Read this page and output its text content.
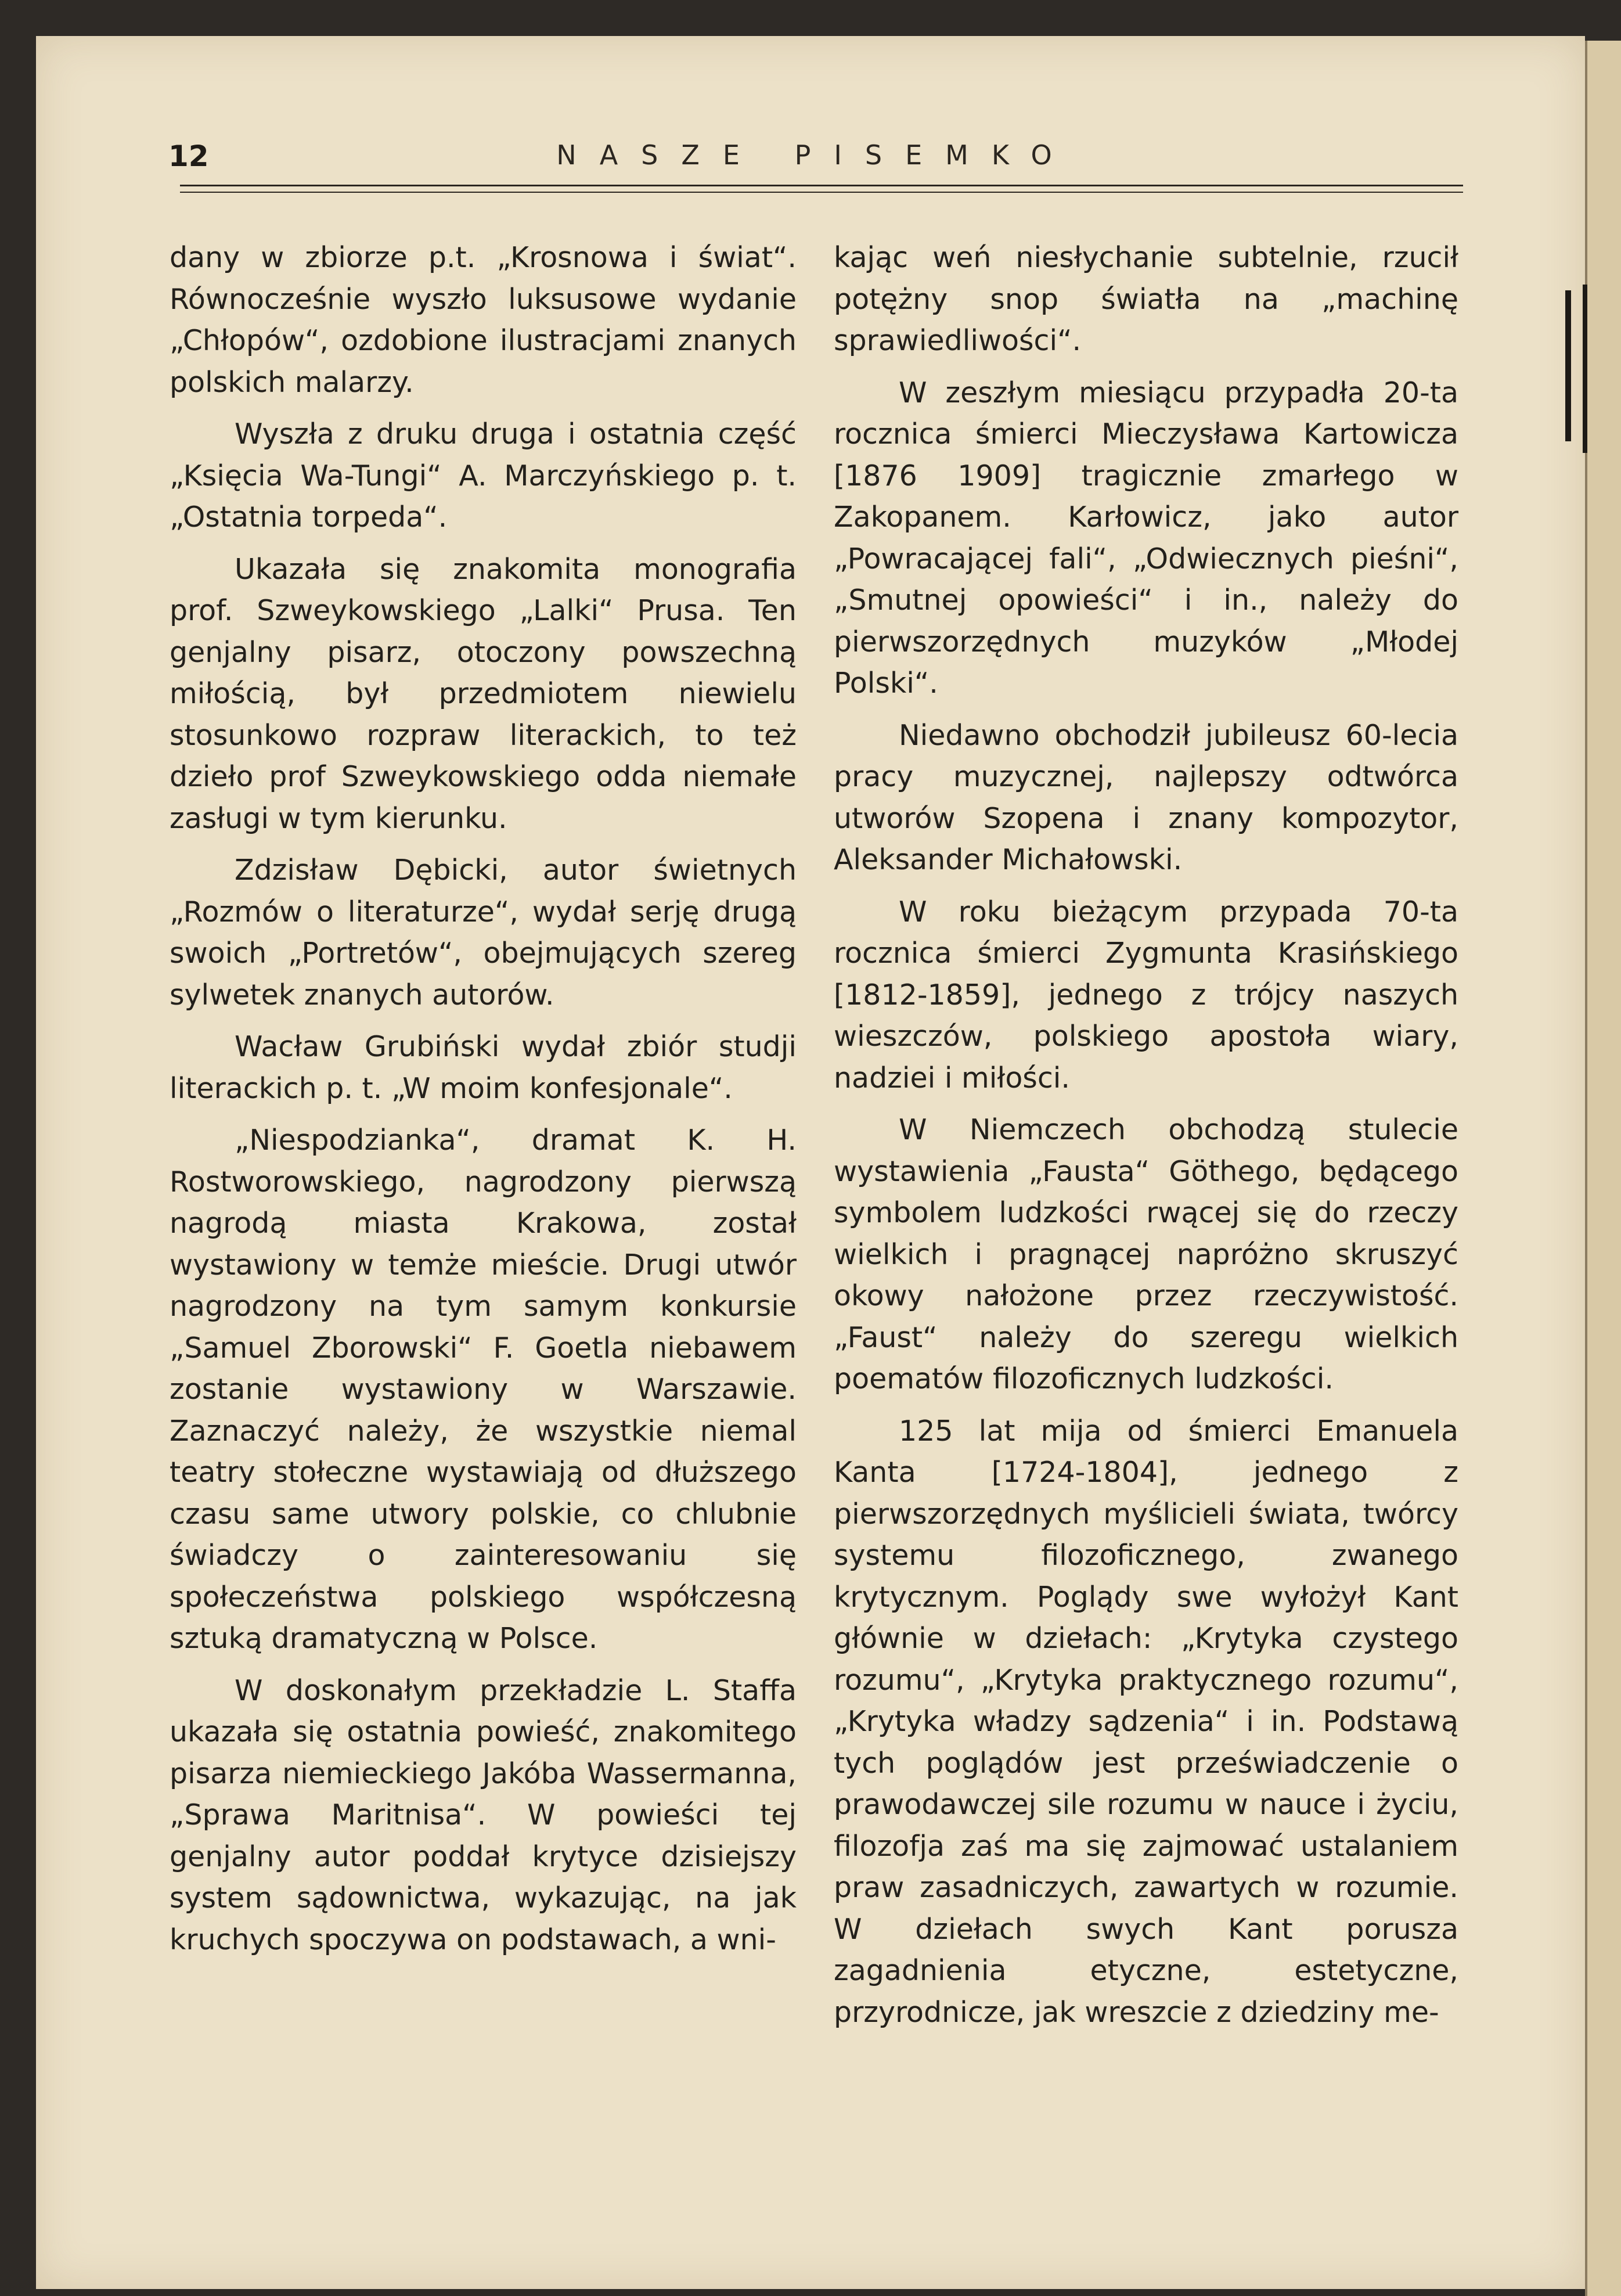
12	NASZE PISEMKO

dany w zbiorze p.t. „Krosnowa i świat“. Równocześnie wyszło luksusowe wydanie „Chłopów“, ozdobione ilustracjami znanych polskich malarzy.

Wyszła z druku druga i ostatnia część „Księcia Wa-Tungi“ A. Marczyńskiego p. t. „Ostatnia torpeda“.

Ukazała się znakomita monografia prof. Szweykowskiego „Lalki“ Prusa. Ten genjalny pisarz, otoczony powszechną miłością, był przedmiotem niewielu stosunkowo rozpraw literackich, to też dzieło prof Szweykowskiego odda niemałe zasługi w tym kierunku.

Zdzisław Dębicki, autor świetnych „Rozmów o literaturze“, wydał serję drugą swoich „Portretów“, obejmujących szereg sylwetek znanych autorów.

Wacław Grubiński wydał zbiór studji literackich p. t. „W moim konfesjonale“.

„Niespodzianka“, dramat K. H. Rostworowskiego, nagrodzony pierwszą nagrodą miasta Krakowa, został wystawiony w temże mieście. Drugi utwór nagrodzony na tym samym konkursie „Samuel Zborowski“ F. Goetla niebawem zostanie wystawiony w Warszawie. Zaznaczyć należy, że wszystkie niemal teatry stołeczne wystawiają od dłuższego czasu same utwory polskie, co chlubnie świadczy o zainteresowaniu się społeczeństwa polskiego współczesną sztuką dramatyczną w Polsce.

W doskonałym przekładzie L. Staffa ukazała się ostatnia powieść, znakomitego pisarza niemieckiego Jakóba Wassermanna, „Sprawa Maritnisa“. W powieści tej genjalny autor poddał krytyce dzisiejszy system sądownictwa, wykazując, na jak kruchych spoczywa on podstawach, a wni-

kając weń niesłychanie subtelnie, rzucił potężny snop światła na „machinę sprawiedliwości“.

W zeszłym miesiącu przypadła 20-ta rocznica śmierci Mieczysława Kartowicza [1876 1909] tragicznie zmarłego w Zakopanem. Karłowicz, jako autor „Powracającej fali“, „Odwiecznych pieśni“, „Smutnej opowieści“ i in., należy do pierwszorzędnych muzyków „Młodej Polski“.

Niedawno obchodził jubileusz 60-lecia pracy muzycznej, najlepszy odtwórca utworów Szopena i znany kompozytor, Aleksander Michałowski.

W roku bieżącym przypada 70-ta rocznica śmierci Zygmunta Krasińskiego [1812-1859], jednego z trójcy naszych wieszczów, polskiego apostoła wiary, nadziei i miłości.

W Niemczech obchodzą stulecie wystawienia „Fausta“ Göthego, będącego symbolem ludzkości rwącej się do rzeczy wielkich i pragnącej napróżno skruszyć okowy nałożone przez rzeczywistość. „Faust“ należy do szeregu wielkich poematów filozoficznych ludzkości.

125 lat mija od śmierci Emanuela Kanta [1724-1804], jednego z pierwszorzędnych myślicieli świata, twórcy systemu filozoficznego, zwanego krytycznym. Poglądy swe wyłożył Kant głównie w dziełach: „Krytyka czystego rozumu“, „Krytyka praktycznego rozumu“, „Krytyka władzy sądzenia“ i in. Podstawą tych poglądów jest przeświadczenie o prawodawczej sile rozumu w nauce i życiu, filozofja zaś ma się zajmować ustalaniem praw zasadniczych, zawartych w rozumie. W dziełach swych Kant porusza zagadnienia etyczne, estetyczne, przyrodnicze, jak wreszcie z dziedziny me-
